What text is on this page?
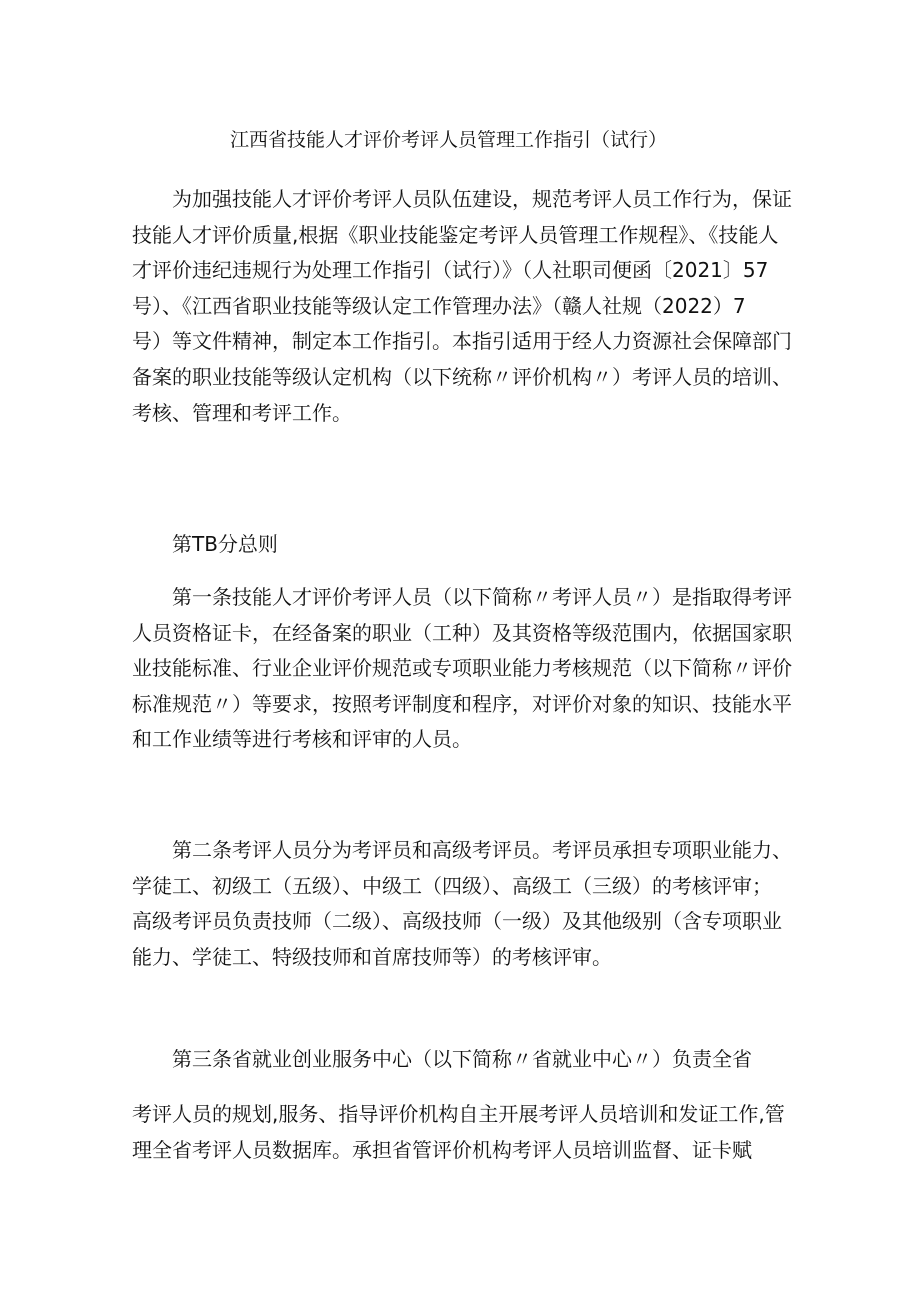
江西省技能人才评价考评人员管理工作指引（试行）
为加强技能人才评价考评人员队伍建设，规范考评人员工作行为，保证
技能人才评价质量,根据《职业技能鉴定考评人员管理工作规程》、《技能人
才评价违纪违规行为处理工作指引（试行）》（人社职司便函〔2021〕57
号）、《江西省职业技能等级认定工作管理办法》（赣人社规（2022）7
号）等文件精神，制定本工作指引。本指引适用于经人力资源社会保障部门
备案的职业技能等级认定机构（以下统称〃评价机构〃）考评人员的培训、
考核、管理和考评工作。
第TB分总则
第一条技能人才评价考评人员（以下简称〃考评人员〃）是指取得考评
人员资格证卡，在经备案的职业（工种）及其资格等级范围内，依据国家职
业技能标准、行业企业评价规范或专项职业能力考核规范（以下简称〃评价
标准规范〃）等要求，按照考评制度和程序，对评价对象的知识、技能水平
和工作业绩等进行考核和评审的人员。
第二条考评人员分为考评员和高级考评员。考评员承担专项职业能力、
学徒工、初级工（五级）、中级工（四级）、高级工（三级）的考核评审；
高级考评员负责技师（二级）、高级技师（一级）及其他级别（含专项职业
能力、学徒工、特级技师和首席技师等）的考核评审。
第三条省就业创业服务中心（以下简称〃省就业中心〃）负责全省
考评人员的规划,服务、指导评价机构自主开展考评人员培训和发证工作,管
理全省考评人员数据库。承担省管评价机构考评人员培训监督、证卡赋
